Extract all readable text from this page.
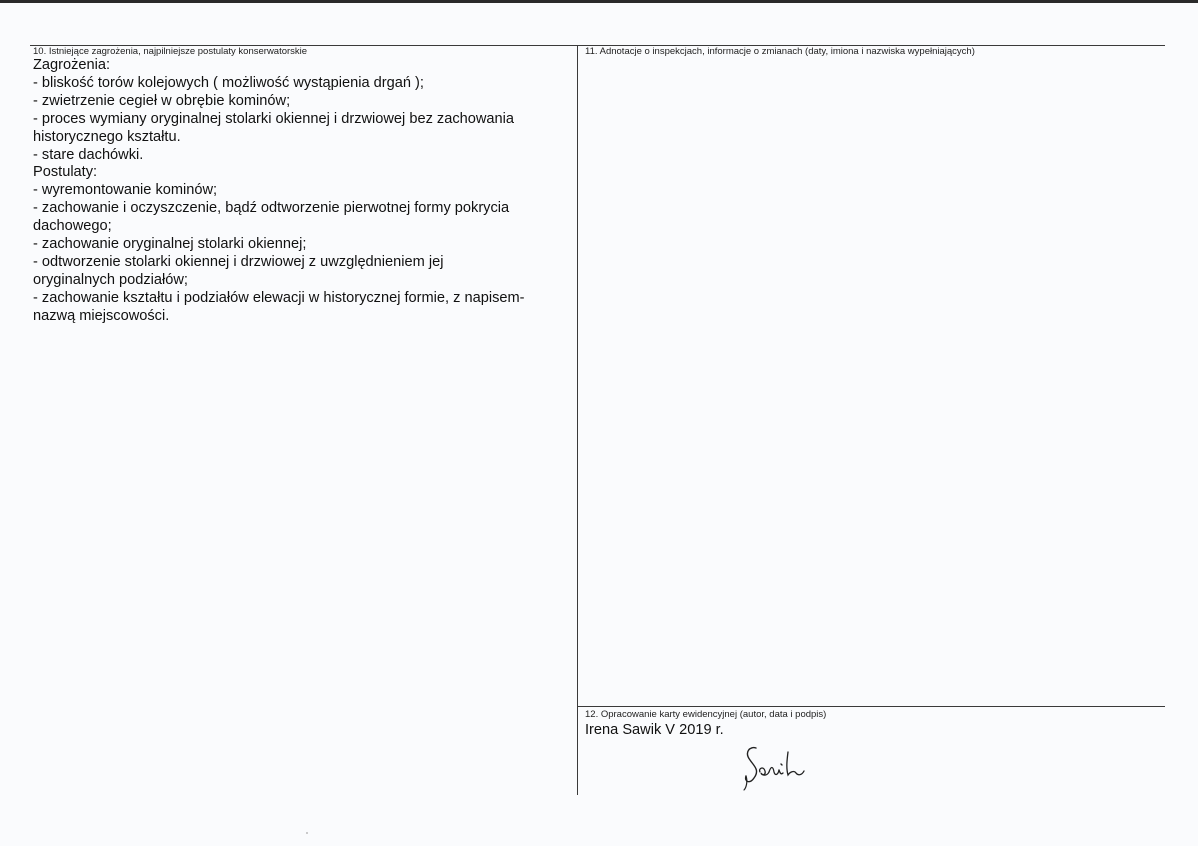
10. Istniejące zagrożenia, najpilniejsze postulaty konserwatorskie
Zagrożenia:
- bliskość torów kolejowych ( możliwość wystąpienia drgań );
- zwietrzenie cegieł w obrębie kominów;
- proces wymiany oryginalnej stolarki okiennej i drzwiowej bez zachowania
historycznego kształtu.
- stare dachówki.
Postulaty:
- wyremontowanie kominów;
- zachowanie i oczyszczenie, bądź odtworzenie pierwotnej formy pokrycia
dachowego;
- zachowanie oryginalnej stolarki okiennej;
- odtworzenie stolarki okiennej i drzwiowej z uwzględnieniem jej
oryginalnych podziałów;
- zachowanie kształtu i podziałów elewacji w historycznej formie, z napisem-
nazwą miejscowości.
11. Adnotacje o inspekcjach, informacje o zmianach (daty, imiona i nazwiska wypełniających)
12. Opracowanie karty ewidencyjnej (autor, data i podpis)
Irena Sawik V 2019 r.
